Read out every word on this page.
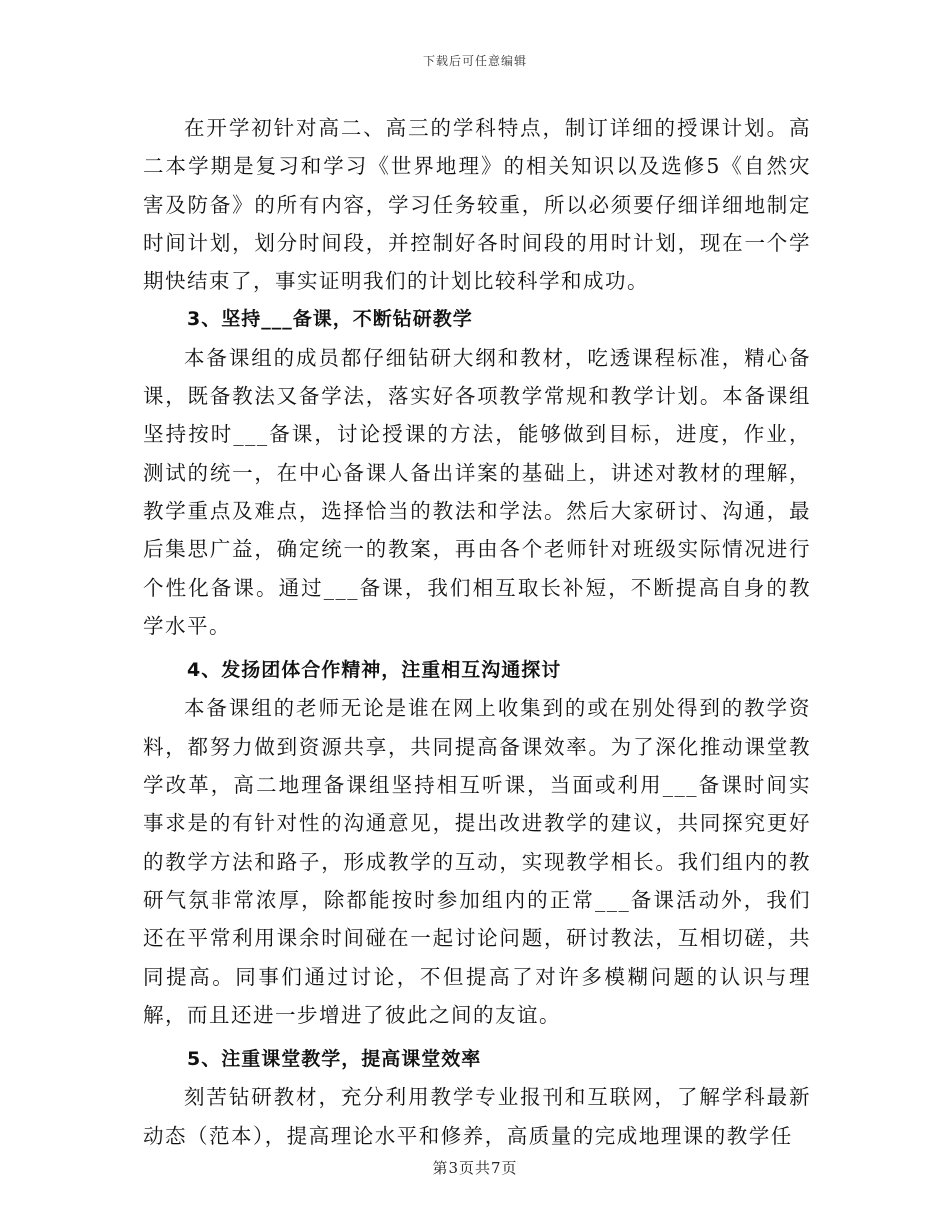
下载后可任意编辑

在开学初针对高二、高三的学科特点，制订详细的授课计划。高二本学期是复习和学习《世界地理》的相关知识以及选修5《自然灾害及防备》的所有内容，学习任务较重，所以必须要仔细详细地制定时间计划，划分时间段，并控制好各时间段的用时计划，现在一个学期快结束了，事实证明我们的计划比较科学和成功。

3、坚持___备课，不断钻研教学

本备课组的成员都仔细钻研大纲和教材，吃透课程标准，精心备课，既备教法又备学法，落实好各项教学常规和教学计划。本备课组坚持按时___备课，讨论授课的方法，能够做到目标，进度，作业，测试的统一，在中心备课人备出详案的基础上，讲述对教材的理解，教学重点及难点，选择恰当的教法和学法。然后大家研讨、沟通，最后集思广益，确定统一的教案，再由各个老师针对班级实际情况进行个性化备课。通过___备课，我们相互取长补短，不断提高自身的教学水平。

4、发扬团体合作精神，注重相互沟通探讨

本备课组的老师无论是谁在网上收集到的或在别处得到的教学资料，都努力做到资源共享，共同提高备课效率。为了深化推动课堂教学改革，高二地理备课组坚持相互听课，当面或利用___备课时间实事求是的有针对性的沟通意见，提出改进教学的建议，共同探究更好的教学方法和路子，形成教学的互动，实现教学相长。我们组内的教研气氛非常浓厚，除都能按时参加组内的正常___备课活动外，我们还在平常利用课余时间碰在一起讨论问题，研讨教法，互相切磋，共同提高。同事们通过讨论，不但提高了对许多模糊问题的认识与理解，而且还进一步增进了彼此之间的友谊。

5、注重课堂教学，提高课堂效率

刻苦钻研教材，充分利用教学专业报刊和互联网，了解学科最新动态（范本），提高理论水平和修养，高质量的完成地理课的教学任

第3页共7页
